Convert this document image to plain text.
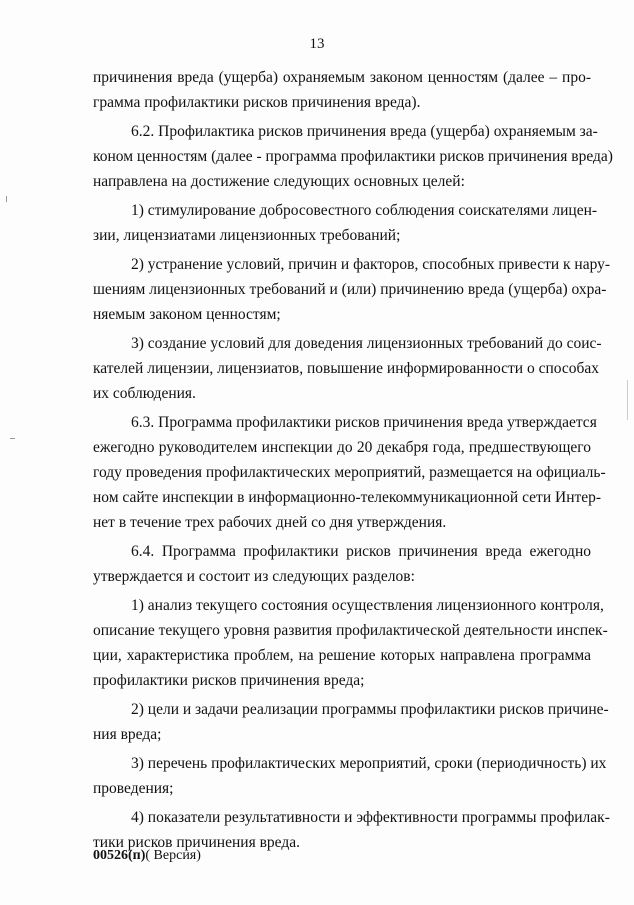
13
причинения вреда (ущерба) охраняемым законом ценностям (далее – про-
грамма профилактики рисков причинения вреда).
6.2. Профилактика рисков причинения вреда (ущерба) охраняемым за-
коном ценностям (далее - программа профилактики рисков причинения вреда)
направлена на достижение следующих основных целей:
1) стимулирование добросовестного соблюдения соискателями лицен-
зии, лицензиатами лицензионных требований;
2) устранение условий, причин и факторов, способных привести к нару-
шениям лицензионных требований и (или) причинению вреда (ущерба) охра-
няемым законом ценностям;
3) создание условий для доведения лицензионных требований до соис-
кателей лицензии, лицензиатов, повышение информированности о способах
их соблюдения.
6.3. Программа профилактики рисков причинения вреда утверждается
ежегодно руководителем инспекции до 20 декабря года, предшествующего
году проведения профилактических мероприятий, размещается на официаль-
ном сайте инспекции в информационно-телекоммуникационной сети Интер-
нет в течение трех рабочих дней со дня утверждения.
6.4. Программа профилактики рисков причинения вреда ежегодно
утверждается и состоит из следующих разделов:
1) анализ текущего состояния осуществления лицензионного контроля,
описание текущего уровня развития профилактической деятельности инспек-
ции, характеристика проблем, на решение которых направлена программа
профилактики рисков причинения вреда;
2) цели и задачи реализации программы профилактики рисков причине-
ния вреда;
3) перечень профилактических мероприятий, сроки (периодичность) их
проведения;
4) показатели результативности и эффективности программы профилак-
тики рисков причинения вреда.
00526(п)( Версия)
